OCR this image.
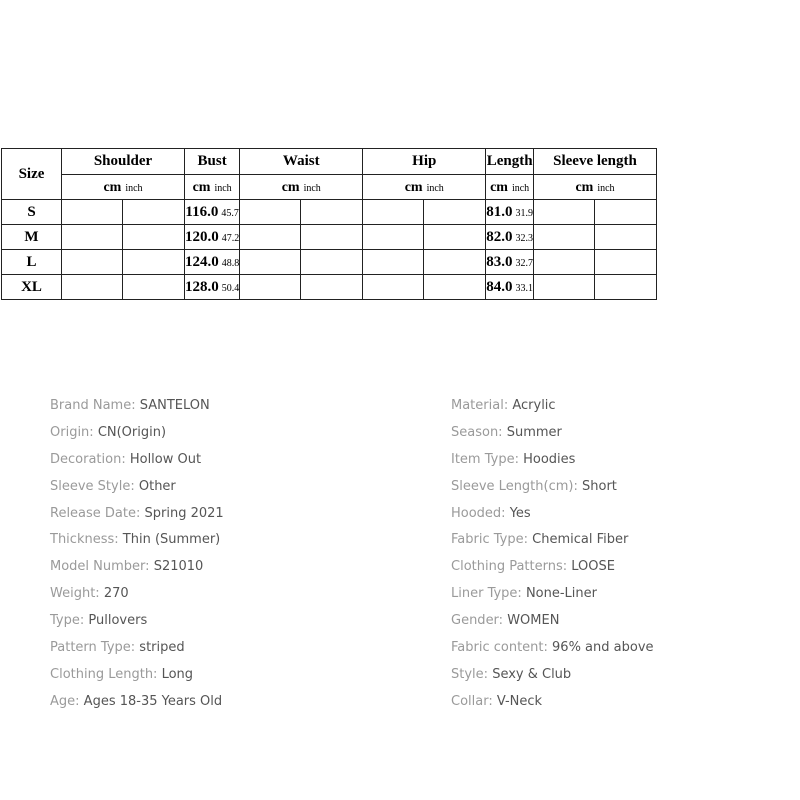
Size	Shoulder		Bust	Waist		Hip		Length	Sleeve length	
	cm inch		cm inch	cm inch		cm inch		cm inch	cm inch	
S			116.0 45.7					81.0 31.9		
M			120.0 47.2					82.0 32.3		
L			124.0 48.8					83.0 32.7		
XL			128.0 50.4					84.0 33.1		
Brand Name: SANTELON
Origin: CN(Origin)
Decoration: Hollow Out
Sleeve Style: Other
Release Date: Spring 2021
Thickness: Thin (Summer)
Model Number: S21010
Weight: 270
Type: Pullovers
Pattern Type: striped
Clothing Length: Long
Age: Ages 18-35 Years Old
Material: Acrylic
Season: Summer
Item Type: Hoodies
Sleeve Length(cm): Short
Hooded: Yes
Fabric Type: Chemical Fiber
Clothing Patterns: LOOSE
Liner Type: None-Liner
Gender: WOMEN
Fabric content: 96% and above
Style: Sexy & Club
Collar: V-Neck
